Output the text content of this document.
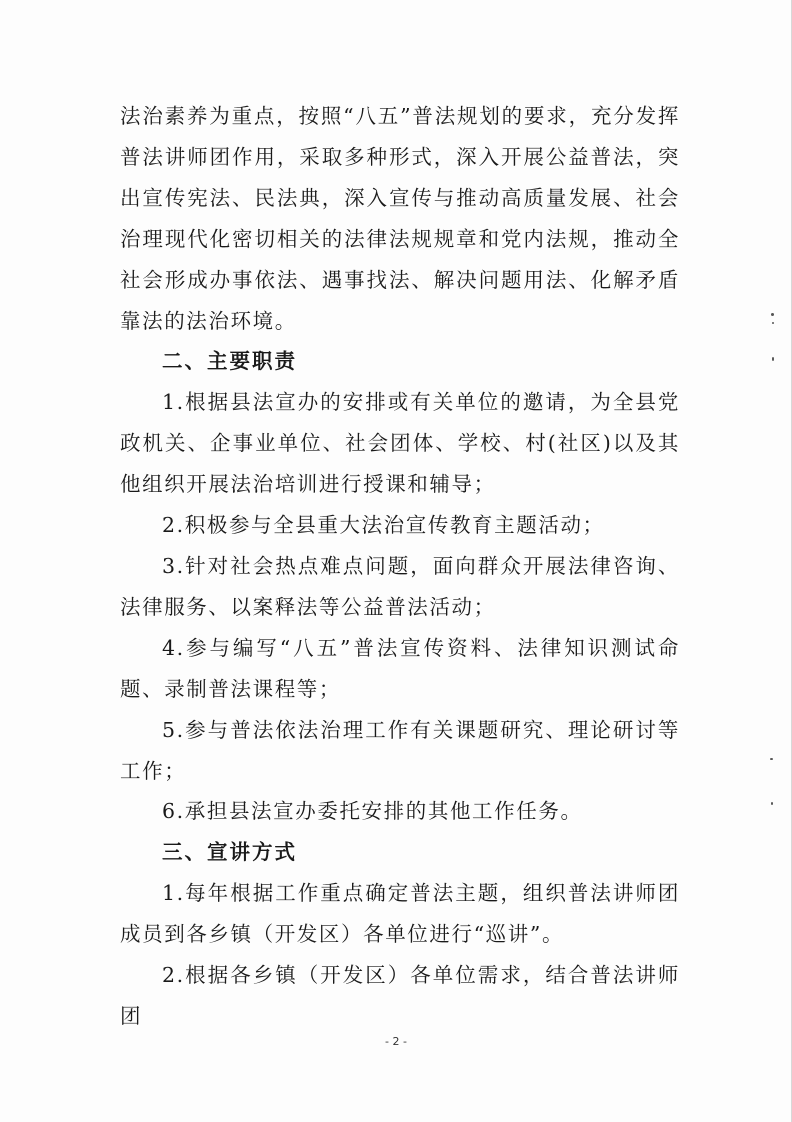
法治素养为重点，按照“八五”普法规划的要求，充分发挥普法讲师团作用，采取多种形式，深入开展公益普法，突出宣传宪法、民法典，深入宣传与推动高质量发展、社会治理现代化密切相关的法律法规规章和党内法规，推动全社会形成办事依法、遇事找法、解决问题用法、化解矛盾靠法的法治环境。

二、主要职责

1.根据县法宣办的安排或有关单位的邀请，为全县党政机关、企事业单位、社会团体、学校、村(社区)以及其他组织开展法治培训进行授课和辅导；

2.积极参与全县重大法治宣传教育主题活动；

3.针对社会热点难点问题，面向群众开展法律咨询、法律服务、以案释法等公益普法活动；

4.参与编写“八五”普法宣传资料、法律知识测试命题、录制普法课程等；

5.参与普法依法治理工作有关课题研究、理论研讨等工作；

6.承担县法宣办委托安排的其他工作任务。

三、宣讲方式

1.每年根据工作重点确定普法主题，组织普法讲师团成员到各乡镇（开发区）各单位进行“巡讲”。

2.根据各乡镇（开发区）各单位需求，结合普法讲师团

- 2 -
